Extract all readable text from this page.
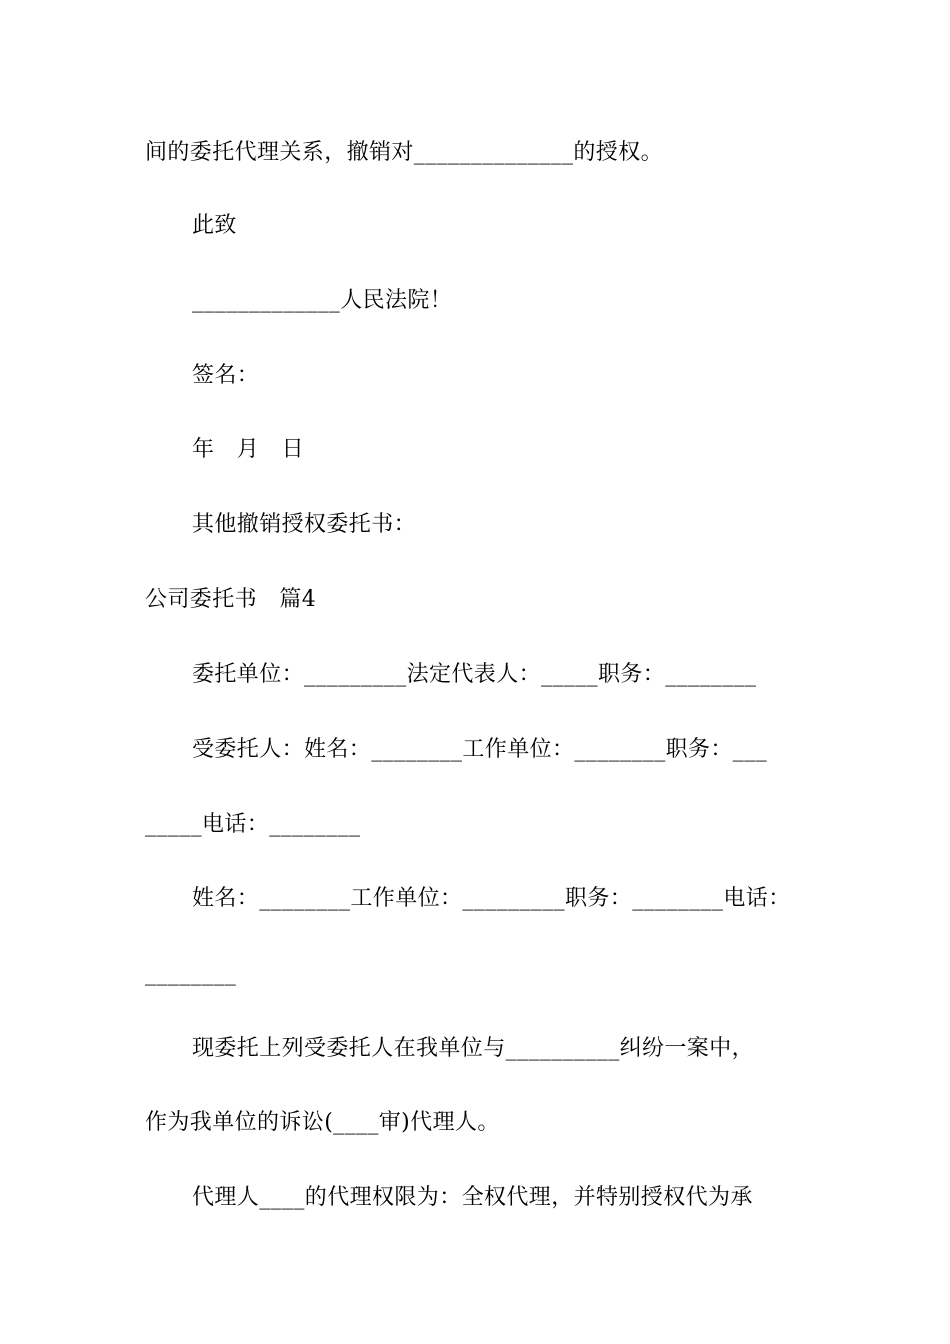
间的委托代理关系，撤销对______________的授权。
此致
_____________人民法院！
签名：
年　月　日
其他撤销授权委托书：
公司委托书　篇4
委托单位：_________法定代表人：_____职务：________
受委托人：姓名：________工作单位：________职务：___
_____电话：________
姓名：________工作单位：_________职务：________电话：
________
现委托上列受委托人在我单位与__________纠纷一案中，
作为我单位的诉讼(____审)代理人。
代理人____的代理权限为：全权代理，并特别授权代为承
